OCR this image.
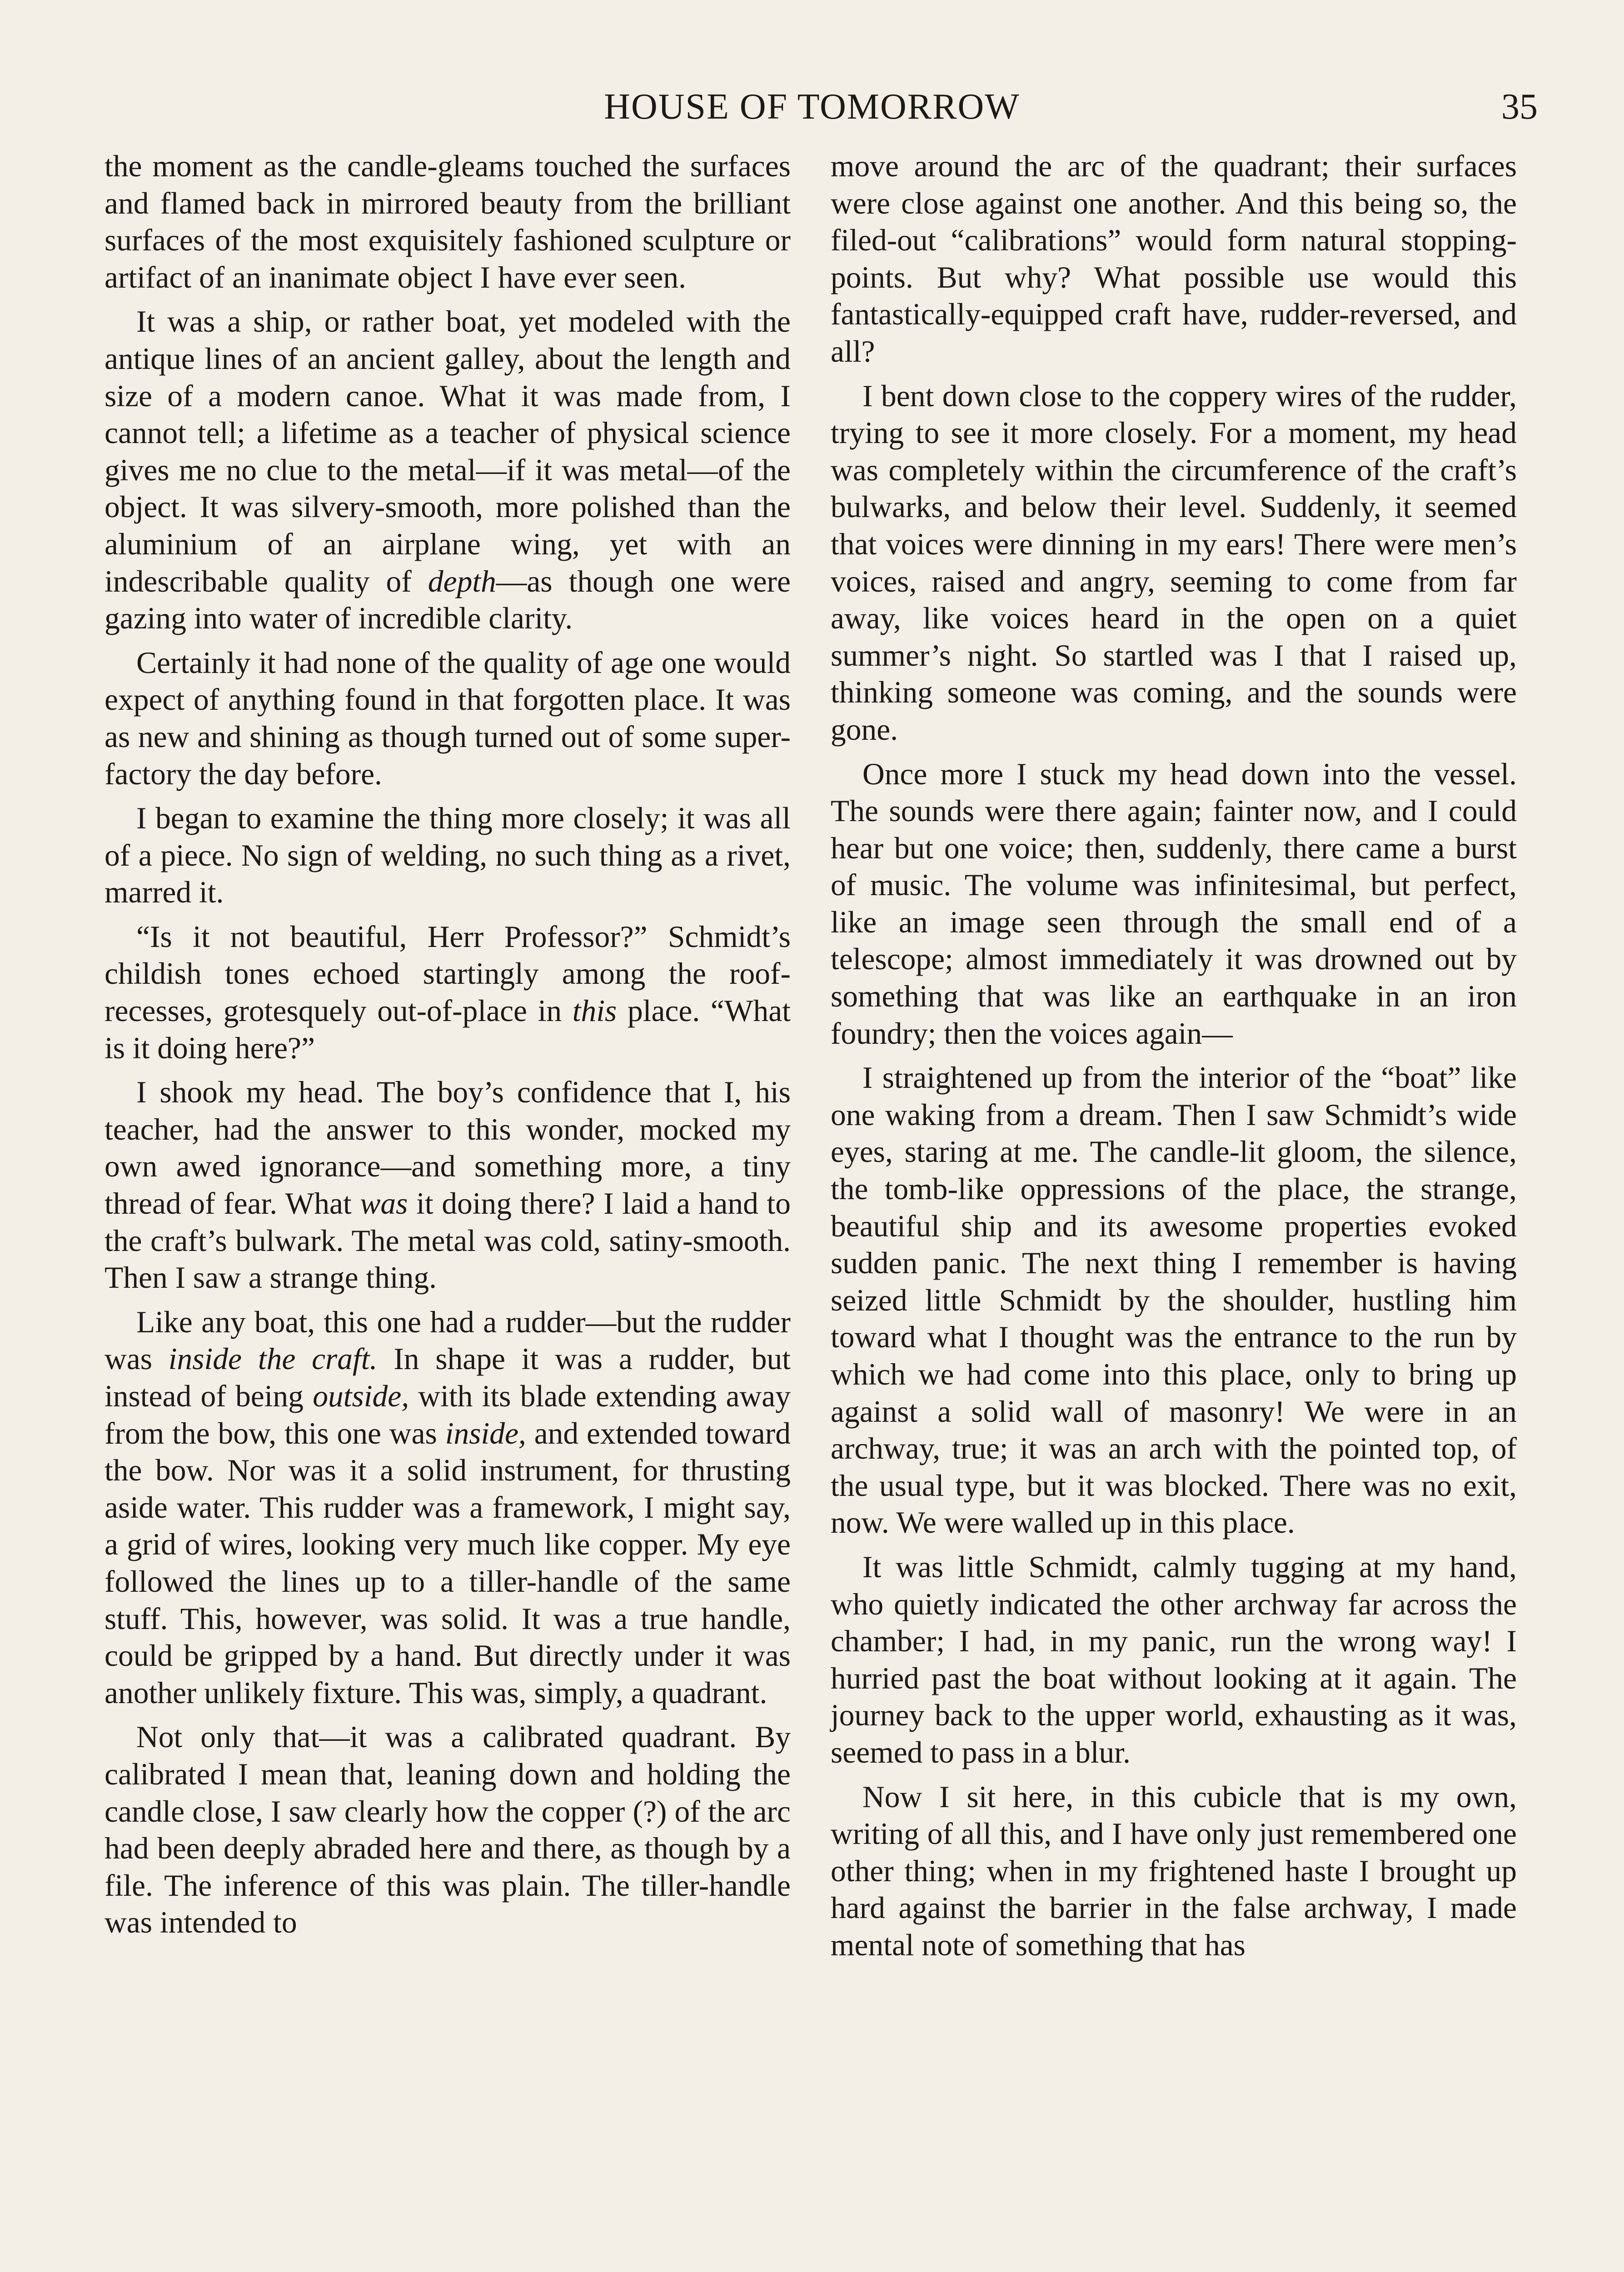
HOUSE OF TOMORROW	35

the moment as the candle-gleams touched the surfaces and flamed back in mirrored beauty from the brilliant surfaces of the most exquisitely fashioned sculpture or artifact of an inanimate object I have ever seen.

It was a ship, or rather boat, yet modeled with the antique lines of an ancient galley, about the length and size of a modern canoe. What it was made from, I cannot tell; a lifetime as a teacher of physical science gives me no clue to the metal—if it was metal—of the object. It was silvery-smooth, more polished than the aluminium of an airplane wing, yet with an indescribable quality of depth—as though one were gazing into water of incredible clarity.

Certainly it had none of the quality of age one would expect of anything found in that forgotten place. It was as new and shining as though turned out of some super-factory the day before.

I began to examine the thing more closely; it was all of a piece. No sign of welding, no such thing as a rivet, marred it.

“Is it not beautiful, Herr Professor?” Schmidt’s childish tones echoed startingly among the roof-recesses, grotesquely out-of-place in this place. “What is it doing here?”

I shook my head. The boy’s confidence that I, his teacher, had the answer to this wonder, mocked my own awed ignorance—and something more, a tiny thread of fear. What was it doing there? I laid a hand to the craft’s bulwark. The metal was cold, satiny-smooth. Then I saw a strange thing.

Like any boat, this one had a rudder—but the rudder was inside the craft. In shape it was a rudder, but instead of being outside, with its blade extending away from the bow, this one was inside, and extended toward the bow. Nor was it a solid instrument, for thrusting aside water. This rudder was a framework, I might say, a grid of wires, looking very much like copper. My eye followed the lines up to a tiller-handle of the same stuff. This, however, was solid. It was a true handle, could be gripped by a hand. But directly under it was another unlikely fixture. This was, simply, a quadrant.

Not only that—it was a calibrated quadrant. By calibrated I mean that, leaning down and holding the candle close, I saw clearly how the copper (?) of the arc had been deeply abraded here and there, as though by a file. The inference of this was plain. The tiller-handle was intended to

move around the arc of the quadrant; their surfaces were close against one another. And this being so, the filed-out “calibrations” would form natural stopping-points. But why? What possible use would this fantastically-equipped craft have, rudder-reversed, and all?

I bent down close to the coppery wires of the rudder, trying to see it more closely. For a moment, my head was completely within the circumference of the craft’s bulwarks, and below their level. Suddenly, it seemed that voices were dinning in my ears! There were men’s voices, raised and angry, seeming to come from far away, like voices heard in the open on a quiet summer’s night. So startled was I that I raised up, thinking someone was coming, and the sounds were gone.

Once more I stuck my head down into the vessel. The sounds were there again; fainter now, and I could hear but one voice; then, suddenly, there came a burst of music. The volume was infinitesimal, but perfect, like an image seen through the small end of a telescope; almost immediately it was drowned out by something that was like an earthquake in an iron foundry; then the voices again—

I straightened up from the interior of the “boat” like one waking from a dream. Then I saw Schmidt’s wide eyes, staring at me. The candle-lit gloom, the silence, the tomb-like oppressions of the place, the strange, beautiful ship and its awesome properties evoked sudden panic. The next thing I remember is having seized little Schmidt by the shoulder, hustling him toward what I thought was the entrance to the run by which we had come into this place, only to bring up against a solid wall of masonry! We were in an archway, true; it was an arch with the pointed top, of the usual type, but it was blocked. There was no exit, now. We were walled up in this place.

It was little Schmidt, calmly tugging at my hand, who quietly indicated the other archway far across the chamber; I had, in my panic, run the wrong way! I hurried past the boat without looking at it again. The journey back to the upper world, exhausting as it was, seemed to pass in a blur.

Now I sit here, in this cubicle that is my own, writing of all this, and I have only just remembered one other thing; when in my frightened haste I brought up hard against the barrier in the false archway, I made mental note of something that has
